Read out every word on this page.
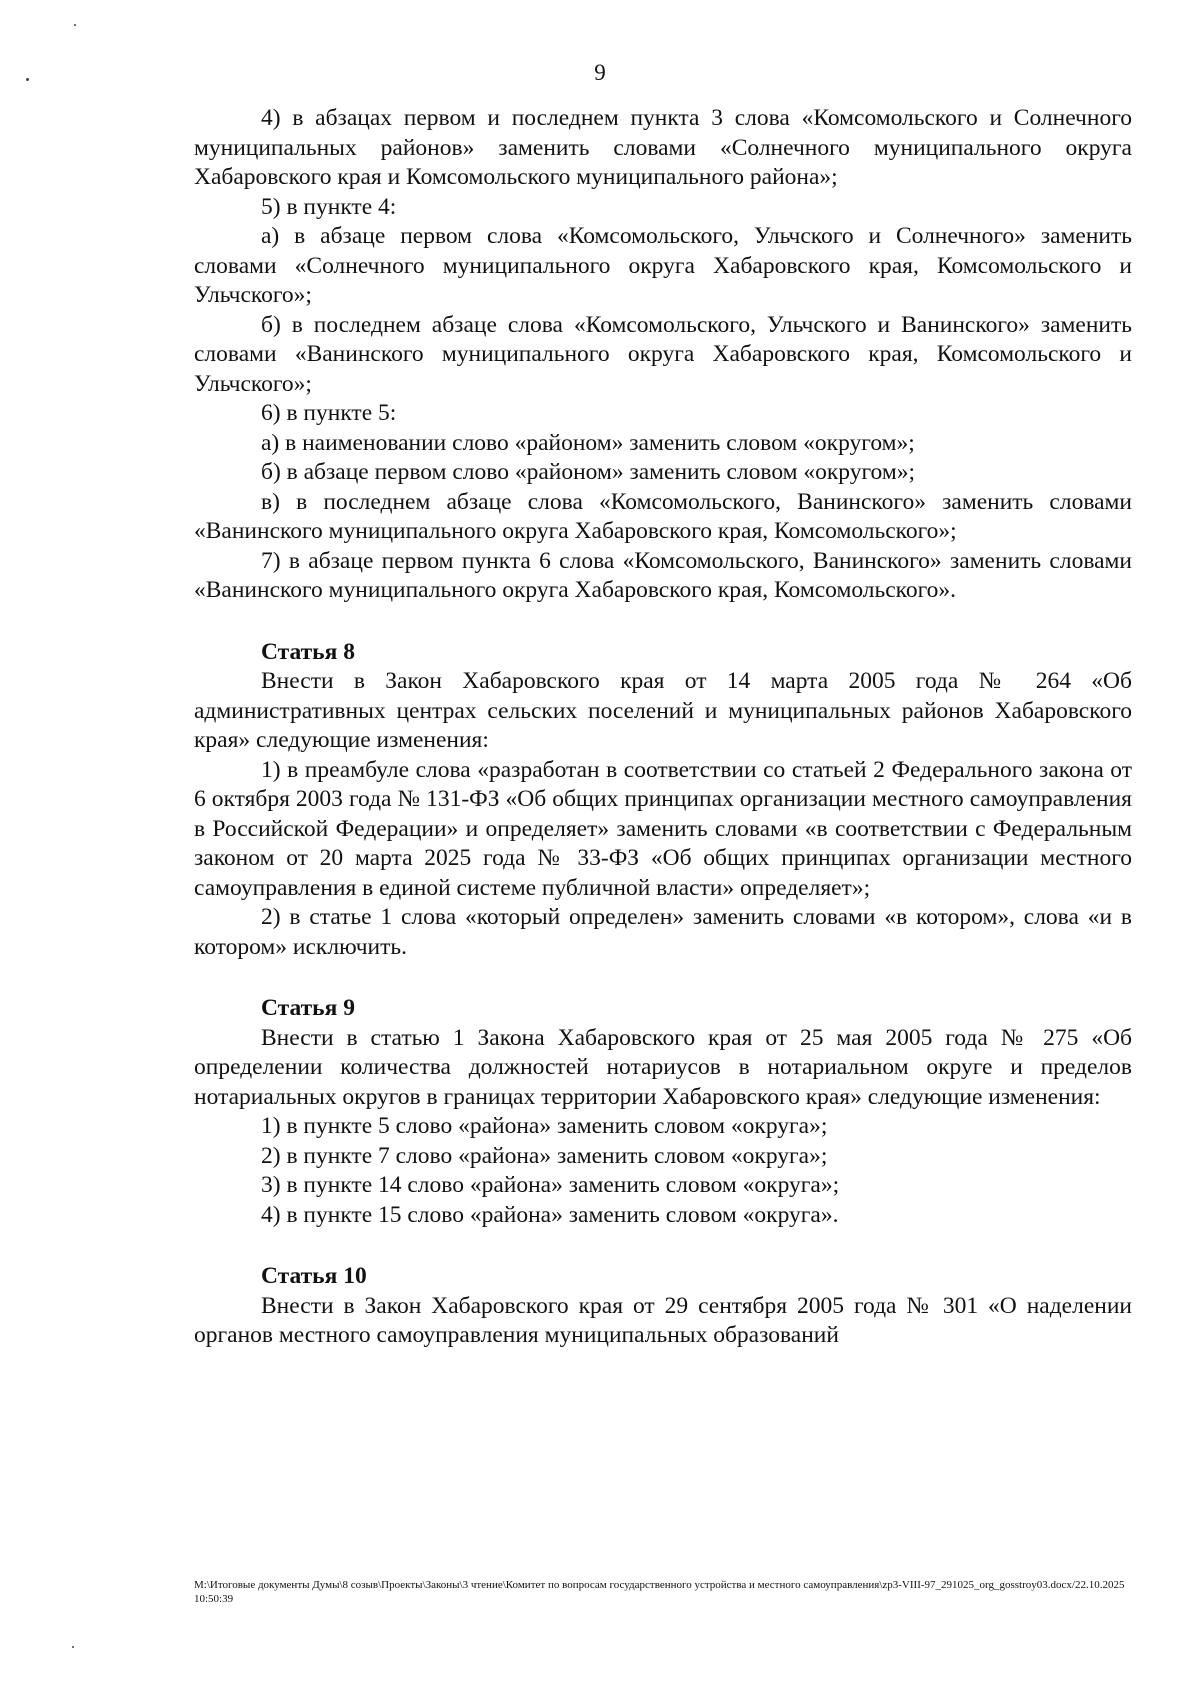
9

4) в абзацах первом и последнем пункта 3 слова «Комсомольского и Солнечного муниципальных районов» заменить словами «Солнечного муниципального округа Хабаровского края и Комсомольского муниципального района»;

5) в пункте 4:

а) в абзаце первом слова «Комсомольского, Ульчского и Солнечного» заменить словами «Солнечного муниципального округа Хабаровского края, Комсомольского и Ульчского»;

б) в последнем абзаце слова «Комсомольского, Ульчского и Ванинского» заменить словами «Ванинского муниципального округа Хабаровского края, Комсомольского и Ульчского»;

6) в пункте 5:

а) в наименовании слово «районом» заменить словом «округом»;

б) в абзаце первом слово «районом» заменить словом «округом»;

в) в последнем абзаце слова «Комсомольского, Ванинского» заменить словами «Ванинского муниципального округа Хабаровского края, Комсомольского»;

7) в абзаце первом пункта 6 слова «Комсомольского, Ванинского» заменить словами «Ванинского муниципального округа Хабаровского края, Комсомольского».

Статья 8

Внести в Закон Хабаровского края от 14 марта 2005 года № 264 «Об административных центрах сельских поселений и муниципальных районов Хабаровского края» следующие изменения:

1) в преамбуле слова «разработан в соответствии со статьей 2 Федерального закона от 6 октября 2003 года № 131-ФЗ «Об общих принципах организации местного самоуправления в Российской Федерации» и определяет» заменить словами «в соответствии с Федеральным законом от 20 марта 2025 года № 33-ФЗ «Об общих принципах организации местного самоуправления в единой системе публичной власти» определяет»;

2) в статье 1 слова «который определен» заменить словами «в котором», слова «и в котором» исключить.

Статья 9

Внести в статью 1 Закона Хабаровского края от 25 мая 2005 года № 275 «Об определении количества должностей нотариусов в нотариальном округе и пределов нотариальных округов в границах территории Хабаровского края» следующие изменения:

1) в пункте 5 слово «района» заменить словом «округа»;

2) в пункте 7 слово «района» заменить словом «округа»;

3) в пункте 14 слово «района» заменить словом «округа»;

4) в пункте 15 слово «района» заменить словом «округа».

Статья 10

Внести в Закон Хабаровского края от 29 сентября 2005 года № 301 «О наделении органов местного самоуправления муниципальных образований

M:\Итоговые документы Думы\8 созыв\Проекты\Законы\3 чтение\Комитет по вопросам государственного устройства и местного самоуправления\zp3-VIII-97_291025_org_gosstroy03.docx/22.10.2025 10:50:39
